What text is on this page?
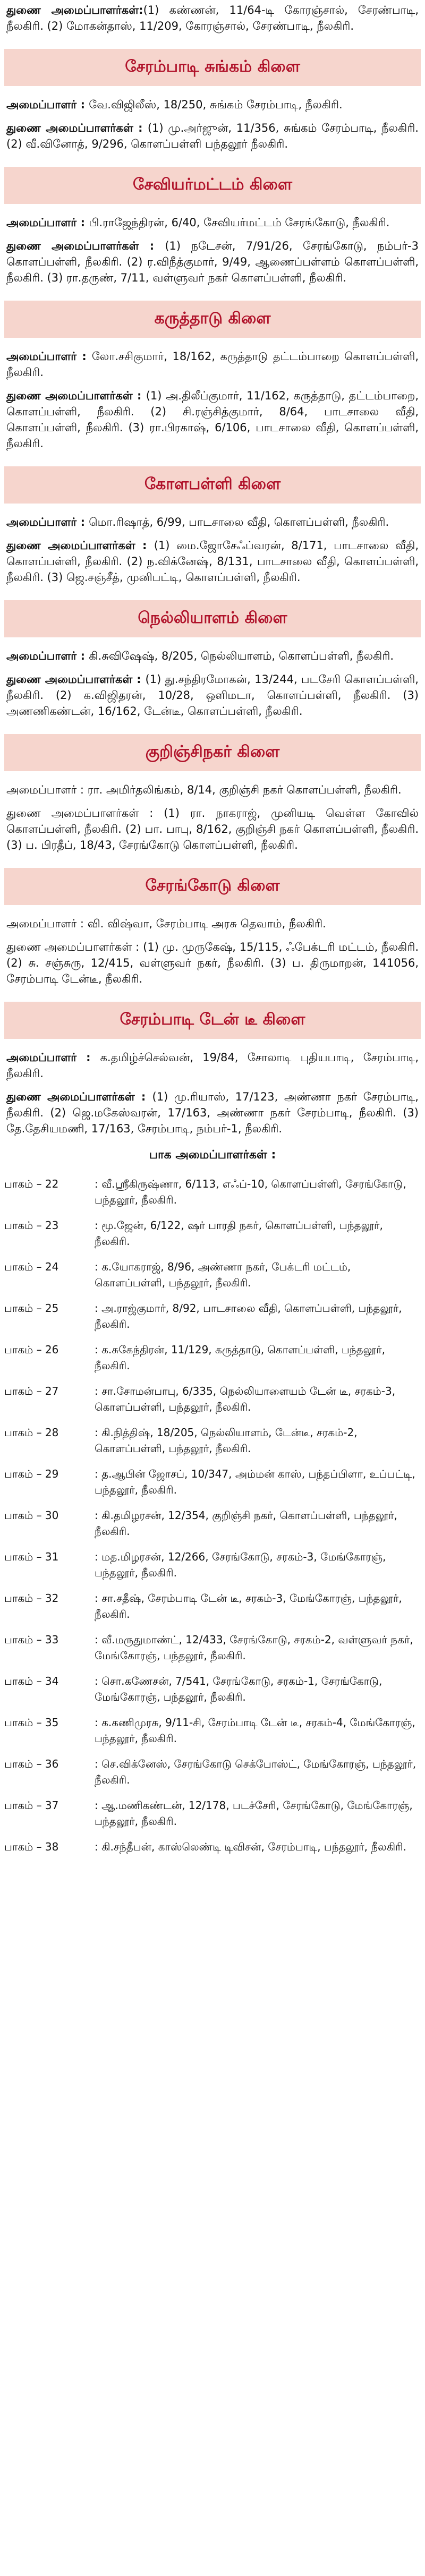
துணை அமைப்பாளர்கள்:(1) கண்ணன், 11/64-டி கோரஞ்சால், சேரண்பாடி, நீலகிரி. (2) மோகன்தாஸ், 11/209, கோரஞ்சால், சேரண்பாடி, நீலகிரி.

சேரம்பாடி சுங்கம் கிளை

அமைப்பாளர் : வே.விஜிலீஸ், 18/250, சுங்கம் சேரம்பாடி, நீலகிரி.

துணை அமைப்பாளர்கள் : (1) மு.அர்ஜுன், 11/356, சுங்கம் சேரம்பாடி, நீலகிரி. (2) வீ.வினோத், 9/296, கொளப்பள்ளி பந்தலூர் நீலகிரி.

சேவியர்மட்டம் கிளை

அமைப்பாளர் : பி.ராஜேந்திரன், 6/40, சேவியர்மட்டம் சேரங்கோடு, நீலகிரி.

துணை அமைப்பாளர்கள் : (1) நடேசன், 7/91/26, சேரங்கோடு, நம்பர்-3 கொளப்பள்ளி, நீலகிரி. (2) ர.விநீத்குமார், 9/49, ஆணைப்பள்ளம் கொளப்பள்ளி, நீலகிரி. (3) ரா.தருண், 7/11, வள்ளுவர் நகர் கொளப்பள்ளி, நீலகிரி.

கருத்தாடு கிளை

அமைப்பாளர் : லோ.சசிகுமார், 18/162, கருத்தாடு தட்டம்பாறை கொளப்பள்ளி, நீலகிரி.

துணை அமைப்பாளர்கள் : (1) அ.திலீப்குமார், 11/162, கருத்தாடு, தட்டம்பாறை, கொளப்பள்ளி, நீலகிரி. (2) சி.ரஞ்சித்குமார், 8/64, பாடசாலை வீதி, கொளப்பள்ளி, நீலகிரி. (3) ரா.பிரகாஷ், 6/106, பாடசாலை வீதி, கொளப்பள்ளி, நீலகிரி.

கோளபள்ளி கிளை

அமைப்பாளர் : மொ.ரிஷாத், 6/99, பாடசாலை வீதி, கொளப்பள்ளி, நீலகிரி.

துணை அமைப்பாளர்கள் : (1) மை.ஜோசேஃப்வரன், 8/171, பாடசாலை வீதி, கொளப்பள்ளி, நீலகிரி. (2) ந.விக்னேஷ், 8/131, பாடசாலை வீதி, கொளப்பள்ளி, நீலகிரி. (3) ஜெ.சஞ்சீத், முனிபட்டி, கொளப்பள்ளி, நீலகிரி.

நெல்லியாளம் கிளை

அமைப்பாளர் : கி.சுவிஷேஷ், 8/205, நெல்லியாளம், கொளப்பள்ளி, நீலகிரி.

துணை அமைப்பாளர்கள் : (1) து.சந்திரமோகன், 13/244, படசேரி கொளப்பள்ளி, நீலகிரி. (2) க.விஜிதரன், 10/28, ஒளிமடா, கொளப்பள்ளி, நீலகிரி. (3) அணணிகண்டன், 16/162, டேன்டீ, கொளப்பள்ளி, நீலகிரி.

குறிஞ்சிநகர் கிளை

அமைப்பாளர் : ரா. அமிர்தலிங்கம், 8/14, குறிஞ்சி நகர் கொளப்பள்ளி, நீலகிரி.

துணை அமைப்பாளர்கள் : (1) ரா. நாகராஜ், முனியடி வெள்ள கோவில் கொளப்பள்ளி, நீலகிரி. (2) பா. பாபு, 8/162, குறிஞ்சி நகர் கொளப்பள்ளி, நீலகிரி. (3) ப. பிரதீப், 18/43, சேரங்கோடு கொளப்பள்ளி, நீலகிரி.

சேரங்கோடு கிளை

அமைப்பாளர் : வி. விஷ்வா, சேரம்பாடி அரசு தெவாம், நீலகிரி.

துணை அமைப்பாளர்கள் : (1) மு. முருகேஷ், 15/115, ஃபேக்டரி மட்டம், நீலகிரி. (2) சு. சஞ்சுரு, 12/415, வள்ளுவர் நகர், நீலகிரி. (3) ப. திருமாறன், 141056, சேரம்பாடி டேன்டீ, நீலகிரி.

சேரம்பாடி டேன் டீ கிளை

அமைப்பாளர் : க.தமிழ்ச்செல்வன், 19/84, சோலாடி புதியபாடி, சேரம்பாடி, நீலகிரி.

துணை அமைப்பாளர்கள் : (1) மு.ரியாஸ், 17/123, அண்ணா நகர் சேரம்பாடி, நீலகிரி. (2) ஜெ.மகேஸ்வரன், 17/163, அண்ணா நகர் சேரம்பாடி, நீலகிரி. (3) தே.தேசியமணி, 17/163, சேரம்பாடி, நம்பர்-1, நீலகிரி.

பாக அமைப்பாளர்கள் :
பாகம் – 22	: வீ.ஸ்ரீகிருஷ்ணா, 6/113, எஃப்-10, கொளப்பள்ளி, சேரங்கோடு, பந்தலூர், நீலகிரி.
பாகம் – 23	: மூ.ஜேன், 6/122, ஷர் பாரதி நகர், கொளப்பள்ளி, பந்தலூர், நீலகிரி.
பாகம் – 24	: க.யோகராஜ், 8/96, அண்ணா நகர், பேக்டரி மட்டம், கொளப்பள்ளி, பந்தலூர், நீலகிரி.
பாகம் – 25	: அ.ராஜ்குமார், 8/92, பாடசாலை வீதி, கொளப்பள்ளி, பந்தலூர், நீலகிரி.
பாகம் – 26	: க.சுகேந்திரன், 11/129, கருத்தாடு, கொளப்பள்ளி, பந்தலூர், நீலகிரி.
பாகம் – 27	: சா.சோமன்பாபு, 6/335, நெல்லியாளையம் டேன் டீ, சரகம்-3, கொளப்பள்ளி, பந்தலூர், நீலகிரி.
பாகம் – 28	: கி.நித்திஷ், 18/205, நெல்லியாளம், டேன்டீ, சரகம்-2, கொளப்பள்ளி, பந்தலூர், நீலகிரி.
பாகம் – 29	: த.ஆபின் ஜோசப், 10/347, அம்மன் காஸ், பந்தப்பிளா, உப்பட்டி, பந்தலூர், நீலகிரி.
பாகம் – 30	: கி.தமிழரசன், 12/354, குறிஞ்சி நகர், கொளப்பள்ளி, பந்தலூர், நீலகிரி.
பாகம் – 31	: மத.மிழரசன், 12/266, சேரங்கோடு, சரகம்-3, மேங்கோரஞ், பந்தலூர், நீலகிரி.
பாகம் – 32	: சா.சதீஷ், சேரம்பாடி டேன் டீ, சரகம்-3, மேங்கோரஞ், பந்தலூர், நீலகிரி.
பாகம் – 33	: வீ.மருதுமாண்ட், 12/433, சேரங்கோடு, சரகம்-2, வள்ளுவர் நகர், மேங்கோரஞ், பந்தலூர், நீலகிரி.
பாகம் – 34	: சொ.கணேசன், 7/541, சேரங்கோடு, சரகம்-1, சேரங்கோடு, மேங்கோரஞ், பந்தலூர், நீலகிரி.
பாகம் – 35	: க.கணிமுரசு, 9/11-சி, சேரம்பாடி டேன் டீ, சரகம்-4, மேங்கோரஞ், பந்தலூர், நீலகிரி.
பாகம் – 36	: செ.விக்னேஸ், சேரங்கோடு செக்போஸ்ட், மேங்கோரஞ், பந்தலூர், நீலகிரி.
பாகம் – 37	: ஆ.மணிகண்டன், 12/178, படச்சேரி, சேரங்கோடு, மேங்கோரஞ், பந்தலூர், நீலகிரி.
பாகம் – 38	: கி.சந்தீபன், காஸ்லெண்டி டிவிசன், சேரம்பாடி, பந்தலூர், நீலகிரி.
